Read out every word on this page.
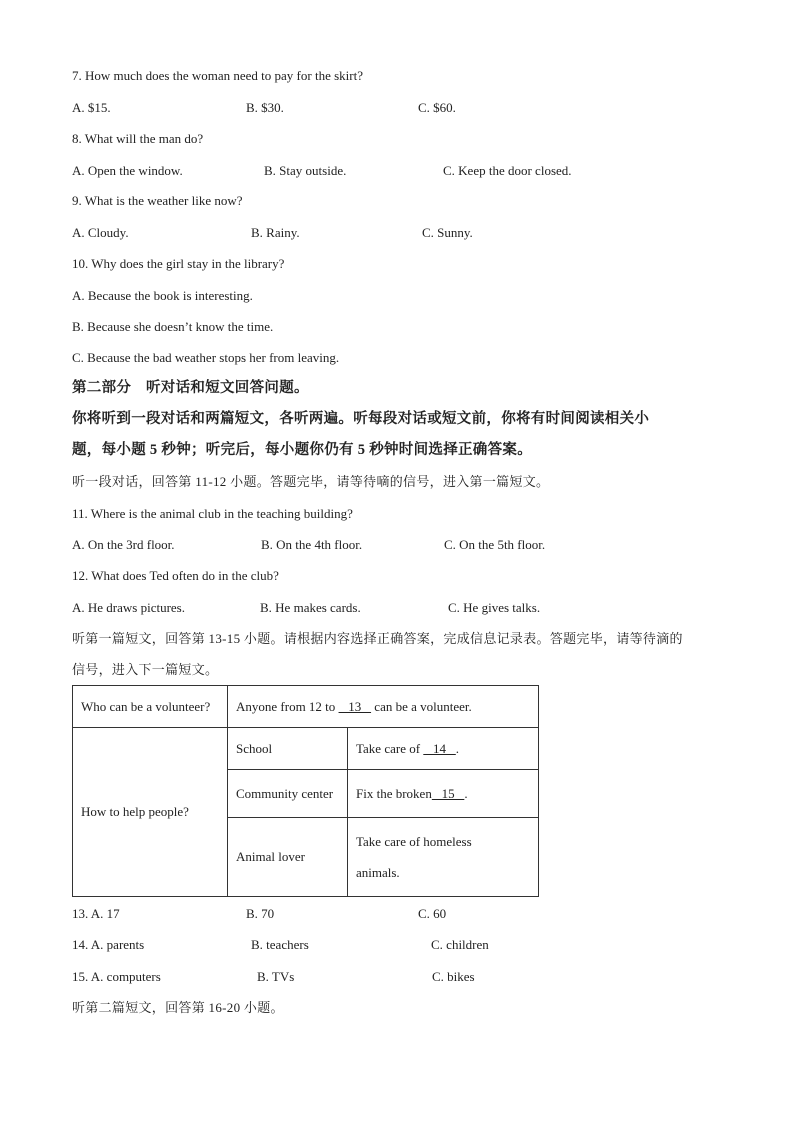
7. How much does the woman need to pay for the skirt?
A. $15.	B. $30.	C. $60.
8. What will the man do?
A. Open the window.	B. Stay outside.	C. Keep the door closed.
9. What is the weather like now?
A. Cloudy.	B. Rainy.	C. Sunny.
10. Why does the girl stay in the library?
A. Because the book is interesting.
B. Because she doesn’t know the time.
C. Because the bad weather stops her from leaving.
第二部分　听对话和短文回答问题。
你将听到一段对话和两篇短文，各听两遍。听每段对话或短文前，你将有时间阅读相关小
题，每小题 5 秒钟；听完后，每小题你仍有 5 秒钟时间选择正确答案。
听一段对话，回答第 11-12 小题。答题完毕，请等待嘀的信号，进入第一篇短文。
11. Where is the animal club in the teaching building?
A. On the 3rd floor.	B. On the 4th floor.	C. On the 5th floor.
12. What does Ted often do in the club?
A. He draws pictures.	B. He makes cards.	C. He gives talks.
听第一篇短文，回答第 13-15 小题。请根据内容选择正确答案，完成信息记录表。答题完毕，请等待滴的
信号，进入下一篇短文。
Who can be a volunteer?	Anyone from 12 to    13    can be a volunteer.	
How to help people?	School	Take care of    14   .
	Community center	Fix the broken   15   .
	Animal lover	Take care of homeless
animals.
13. A. 17	B. 70	C. 60
14. A. parents	B. teachers	C. children
15. A. computers	B. TVs	C. bikes
听第二篇短文，回答第 16-20 小题。
